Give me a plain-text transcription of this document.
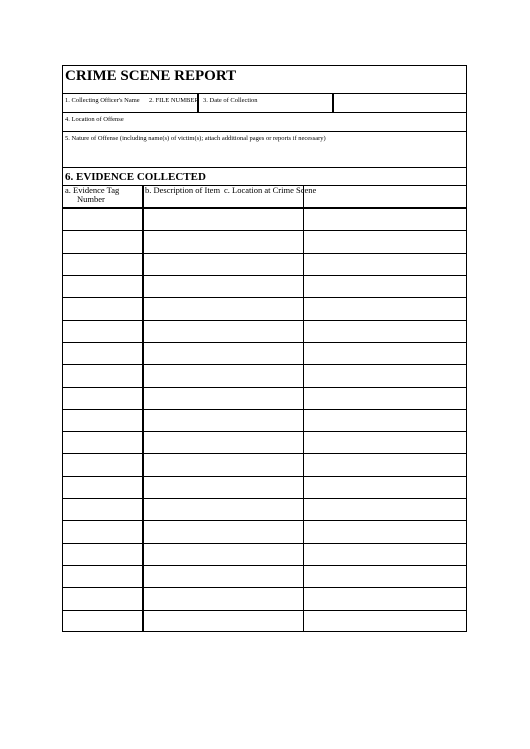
CRIME SCENE REPORT
1. Collecting Officer's Name 2. FILE NUMBER 3. Date of Collection
4. Location of Offense
5. Nature of Offense (including name(s) of victim(s); attach additional pages or reports if necessary)
6. EVIDENCE COLLECTED
a. Evidence Tag
Number
b. Description of Item c. Location at Crime Scene
